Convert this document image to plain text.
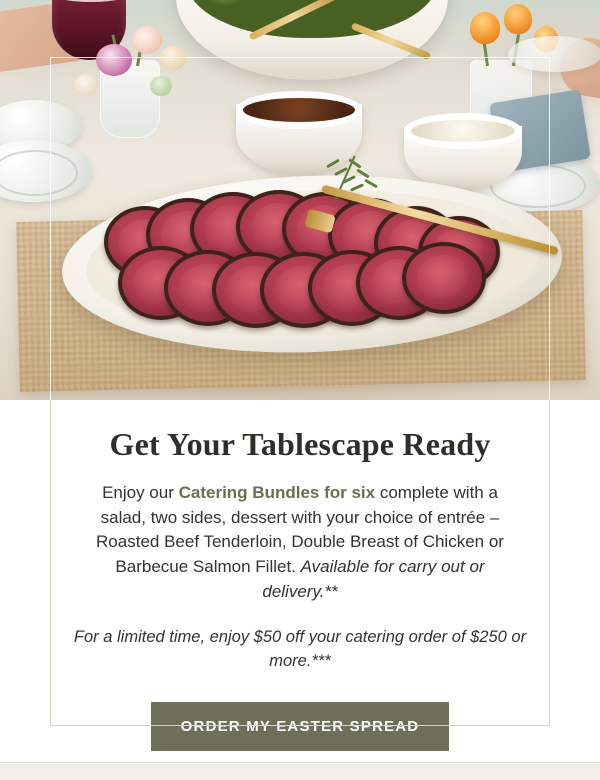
Get Your Tablescape Ready

Enjoy our Catering Bundles for six complete with a salad, two sides, dessert with your choice of entrée – Roasted Beef Tenderloin, Double Breast of Chicken or Barbecue Salmon Fillet. Available for carry out or delivery.**

For a limited time, enjoy $50 off your catering order of $250 or more.***

ORDER MY EASTER SPREAD
